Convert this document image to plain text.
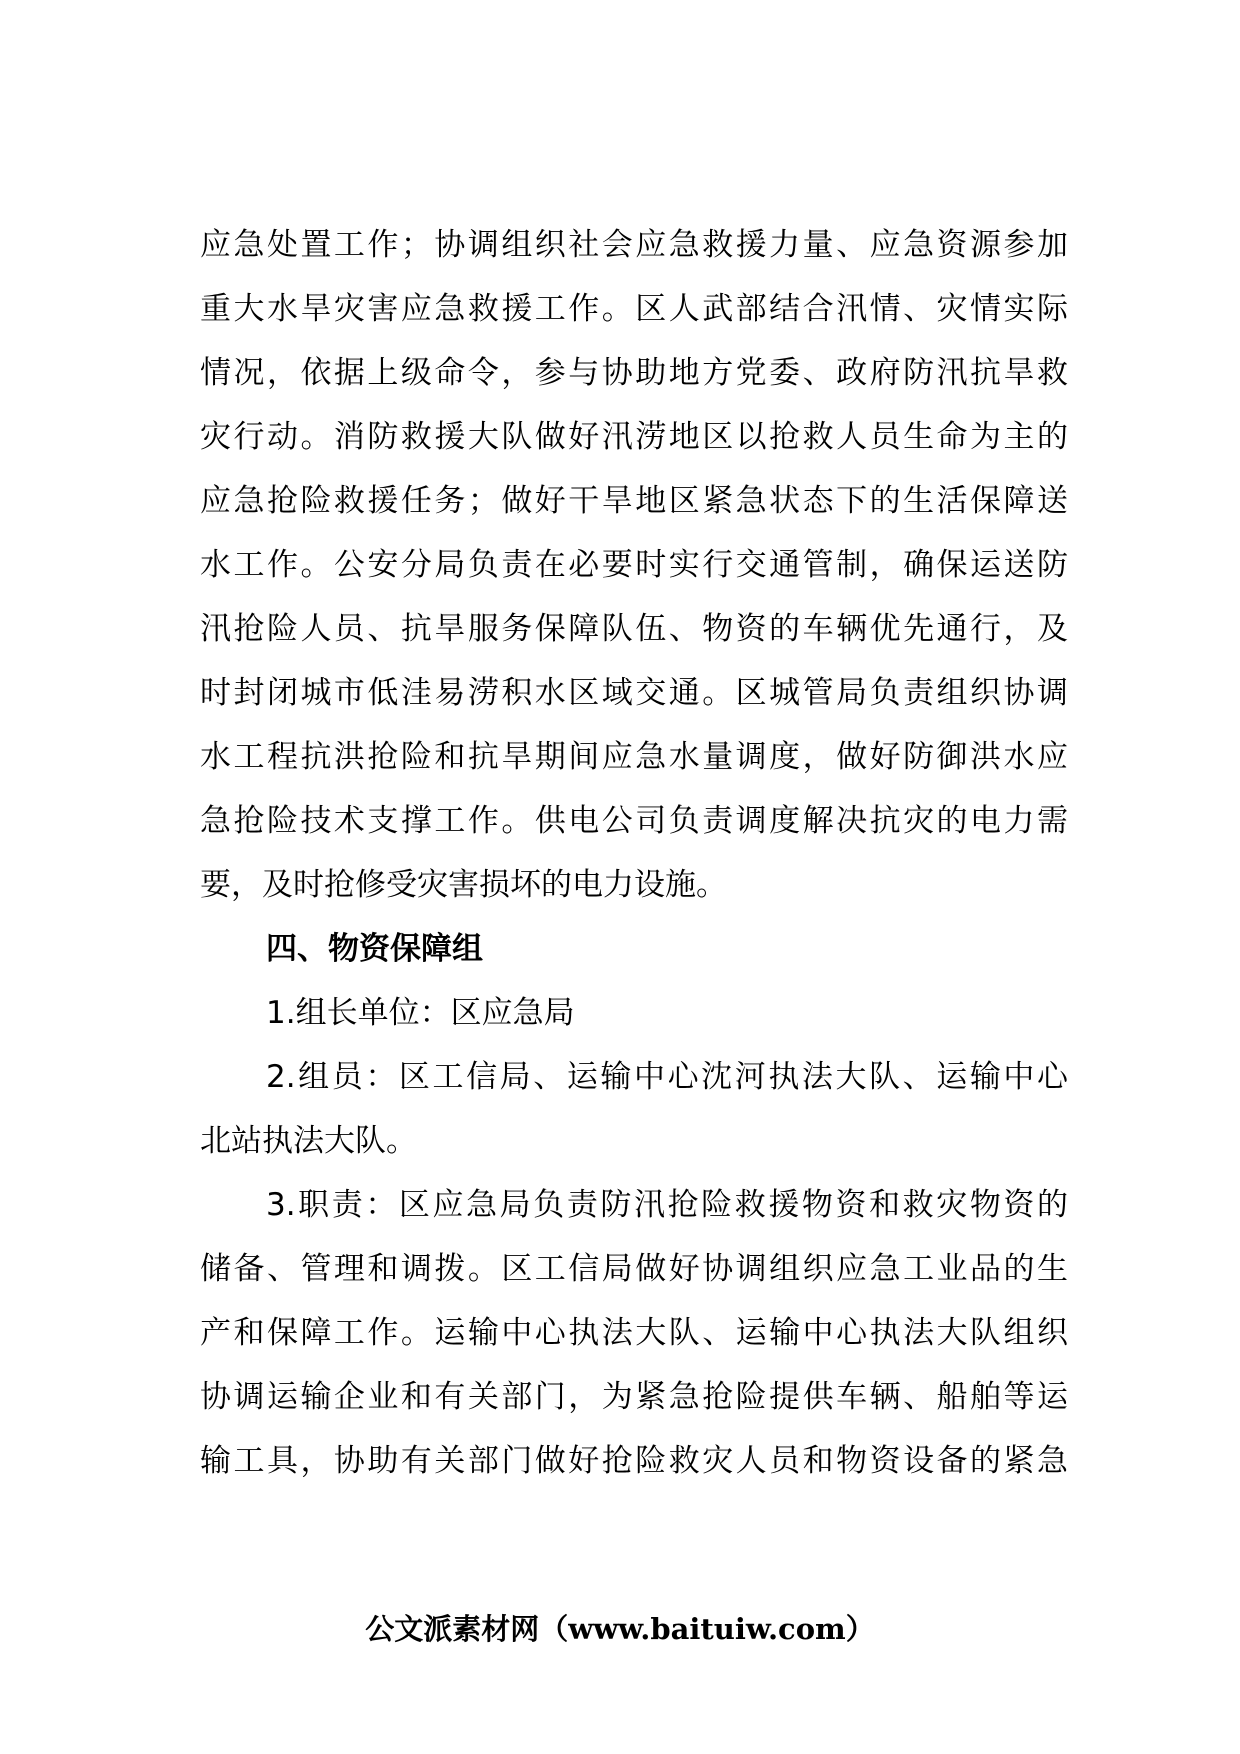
应急处置工作；协调组织社会应急救援力量、应急资源参加
重大水旱灾害应急救援工作。区人武部结合汛情、灾情实际
情况，依据上级命令，参与协助地方党委、政府防汛抗旱救
灾行动。消防救援大队做好汛涝地区以抢救人员生命为主的
应急抢险救援任务；做好干旱地区紧急状态下的生活保障送
水工作。公安分局负责在必要时实行交通管制，确保运送防
汛抢险人员、抗旱服务保障队伍、物资的车辆优先通行，及
时封闭城市低洼易涝积水区域交通。区城管局负责组织协调
水工程抗洪抢险和抗旱期间应急水量调度，做好防御洪水应
急抢险技术支撑工作。供电公司负责调度解决抗灾的电力需
要，及时抢修受灾害损坏的电力设施。
四、物资保障组
1.组长单位：区应急局
2.组员：区工信局、运输中心沈河执法大队、运输中心
北站执法大队。
3.职责：区应急局负责防汛抢险救援物资和救灾物资的
储备、管理和调拨。区工信局做好协调组织应急工业品的生
产和保障工作。运输中心执法大队、运输中心执法大队组织
协调运输企业和有关部门，为紧急抢险提供车辆、船舶等运
输工具，协助有关部门做好抢险救灾人员和物资设备的紧急
公文派素材网（www.baituiw.com）
